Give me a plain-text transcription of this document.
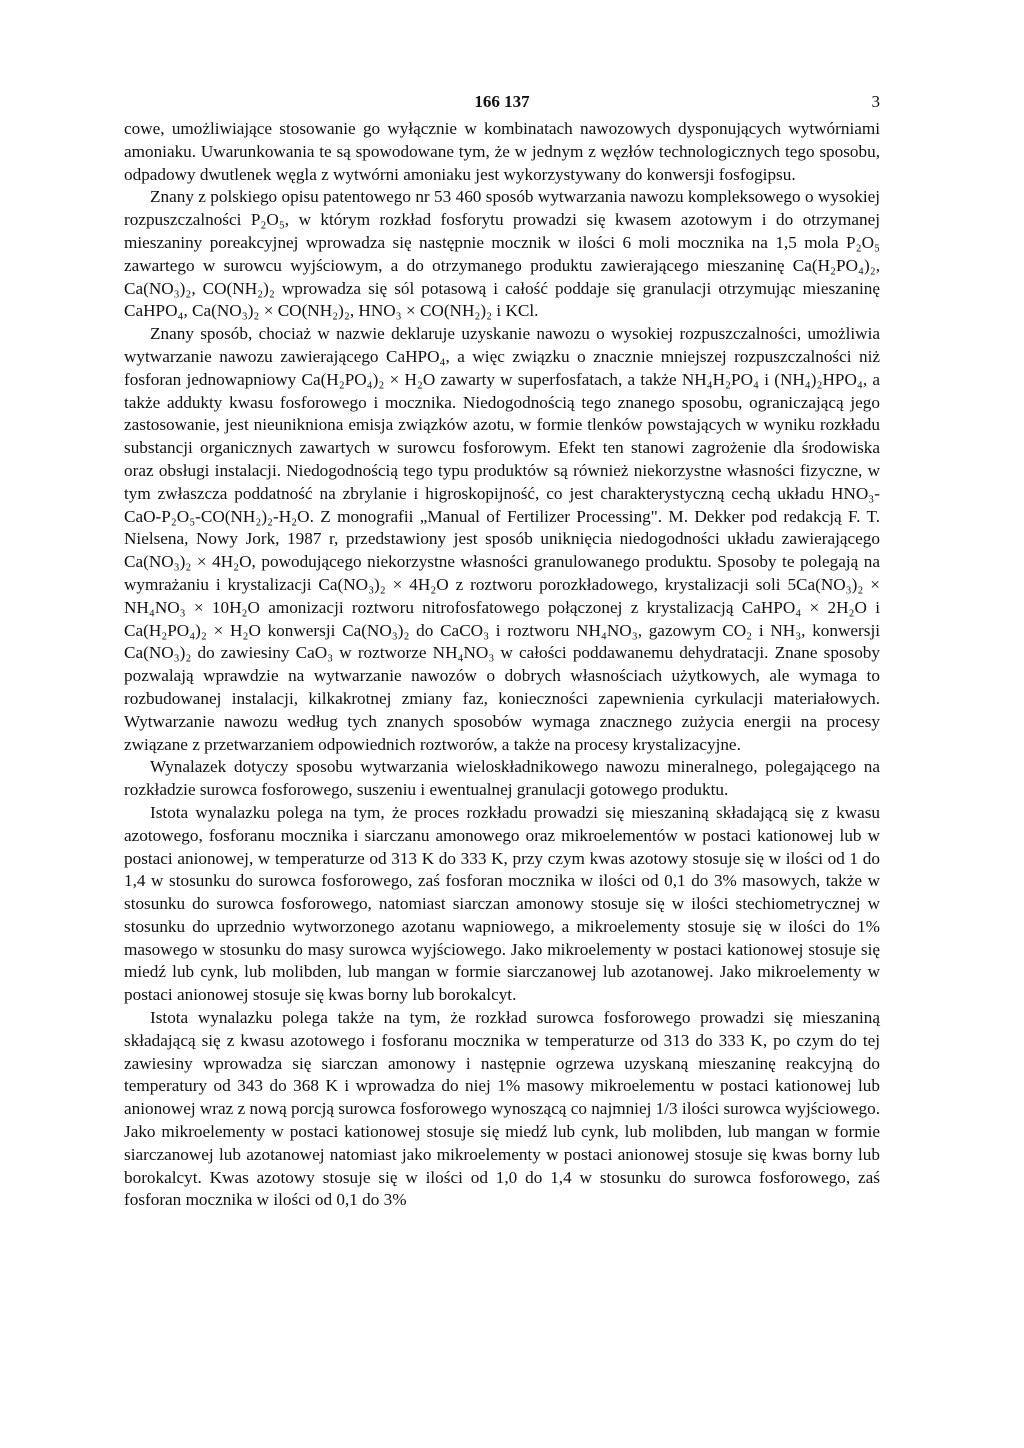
166 137	3

cowe, umożliwiające stosowanie go wyłącznie w kombinatach nawozowych dysponujących wytwórniami amoniaku. Uwarunkowania te są spowodowane tym, że w jednym z węzłów technologicznych tego sposobu, odpadowy dwutlenek węgla z wytwórni amoniaku jest wykorzystywany do konwersji fosfogipsu.

Znany z polskiego opisu patentowego nr 53 460 sposób wytwarzania nawozu kompleksowego o wysokiej rozpuszczalności P₂O₅, w którym rozkład fosforytu prowadzi się kwasem azotowym i do otrzymanej mieszaniny poreakcyjnej wprowadza się następnie mocznik w ilości 6 moli mocznika na 1,5 mola P₂O₅ zawartego w surowcu wyjściowym, a do otrzymanego produktu zawierającego mieszaninę Ca(H₂PO₄)₂, Ca(NO₃)₂, CO(NH₂)₂ wprowadza się sól potasową i całość poddaje się granulacji otrzymując mieszaninę CaHPO₄, Ca(NO₃)₂ × CO(NH₂)₂, HNO₃ × CO(NH₂)₂ i KCl.

Znany sposób, chociaż w nazwie deklaruje uzyskanie nawozu o wysokiej rozpuszczalności, umożliwia wytwarzanie nawozu zawierającego CaHPO₄, a więc związku o znacznie mniejszej rozpuszczalności niż fosforan jednowapniowy Ca(H₂PO₄)₂ × H₂O zawarty w superfosfatach, a także NH₄H₂PO₄ i (NH₄)₂HPO₄, a także addukty kwasu fosforowego i mocznika. Niedogodnością tego znanego sposobu, ograniczającą jego zastosowanie, jest nieunikniona emisja związków azotu, w formie tlenków powstających w wyniku rozkładu substancji organicznych zawartych w surowcu fosforowym. Efekt ten stanowi zagrożenie dla środowiska oraz obsługi instalacji. Niedogodnością tego typu produktów są również niekorzystne własności fizyczne, w tym zwłaszcza poddatność na zbrylanie i higroskopijność, co jest charakterystyczną cechą układu HNO₃-CaO-P₂O₅-CO(NH₂)₂-H₂O. Z monografii „Manual of Fertilizer Processing". M. Dekker pod redakcją F. T. Nielsena, Nowy Jork, 1987 r, przedstawiony jest sposób uniknięcia niedogodności układu zawierającego Ca(NO₃)₂ × 4H₂O, powodującego niekorzystne własności granulowanego produktu. Sposoby te polegają na wymrażaniu i krystalizacji Ca(NO₃)₂ × 4H₂O z roztworu porozkładowego, krystalizacji soli 5Ca(NO₃)₂ × NH₄NO₃ × 10H₂O amonizacji roztworu nitrofosfatowego połączonej z krystalizacją CaHPO₄ × 2H₂O i Ca(H₂PO₄)₂ × H₂O konwersji Ca(NO₃)₂ do CaCO₃ i roztworu NH₄NO₃, gazowym CO₂ i NH₃, konwersji Ca(NO₃)₂ do zawiesiny CaO₃ w roztworze NH₄NO₃ w całości poddawanemu dehydratacji. Znane sposoby pozwalają wprawdzie na wytwarzanie nawozów o dobrych własnościach użytkowych, ale wymaga to rozbudowanej instalacji, kilkakrotnej zmiany faz, konieczności zapewnienia cyrkulacji materiałowych. Wytwarzanie nawozu według tych znanych sposobów wymaga znacznego zużycia energii na procesy związane z przetwarzaniem odpowiednich roztworów, a także na procesy krystalizacyjne.

Wynalazek dotyczy sposobu wytwarzania wieloskładnikowego nawozu mineralnego, polegającego na rozkładzie surowca fosforowego, suszeniu i ewentualnej granulacji gotowego produktu.

Istota wynalazku polega na tym, że proces rozkładu prowadzi się mieszaniną składającą się z kwasu azotowego, fosforanu mocznika i siarczanu amonowego oraz mikroelementów w postaci kationowej lub w postaci anionowej, w temperaturze od 313 K do 333 K, przy czym kwas azotowy stosuje się w ilości od 1 do 1,4 w stosunku do surowca fosforowego, zaś fosforan mocznika w ilości od 0,1 do 3% masowych, także w stosunku do surowca fosforowego, natomiast siarczan amonowy stosuje się w ilości stechiometrycznej w stosunku do uprzednio wytworzonego azotanu wapniowego, a mikroelementy stosuje się w ilości do 1% masowego w stosunku do masy surowca wyjściowego. Jako mikroelementy w postaci kationowej stosuje się miedź lub cynk, lub molibden, lub mangan w formie siarczanowej lub azotanowej. Jako mikroelementy w postaci anionowej stosuje się kwas borny lub borokalcyt.

Istota wynalazku polega także na tym, że rozkład surowca fosforowego prowadzi się mieszaniną składającą się z kwasu azotowego i fosforanu mocznika w temperaturze od 313 do 333 K, po czym do tej zawiesiny wprowadza się siarczan amonowy i następnie ogrzewa uzyskaną mieszaninę reakcyjną do temperatury od 343 do 368 K i wprowadza do niej 1% masowy mikroelementu w postaci kationowej lub anionowej wraz z nową porcją surowca fosforowego wynoszącą co najmniej 1/3 ilości surowca wyjściowego. Jako mikroelementy w postaci kationowej stosuje się miedź lub cynk, lub molibden, lub mangan w formie siarczanowej lub azotanowej natomiast jako mikroelementy w postaci anionowej stosuje się kwas borny lub borokalcyt. Kwas azotowy stosuje się w ilości od 1,0 do 1,4 w stosunku do surowca fosforowego, zaś fosforan mocznika w ilości od 0,1 do 3%
